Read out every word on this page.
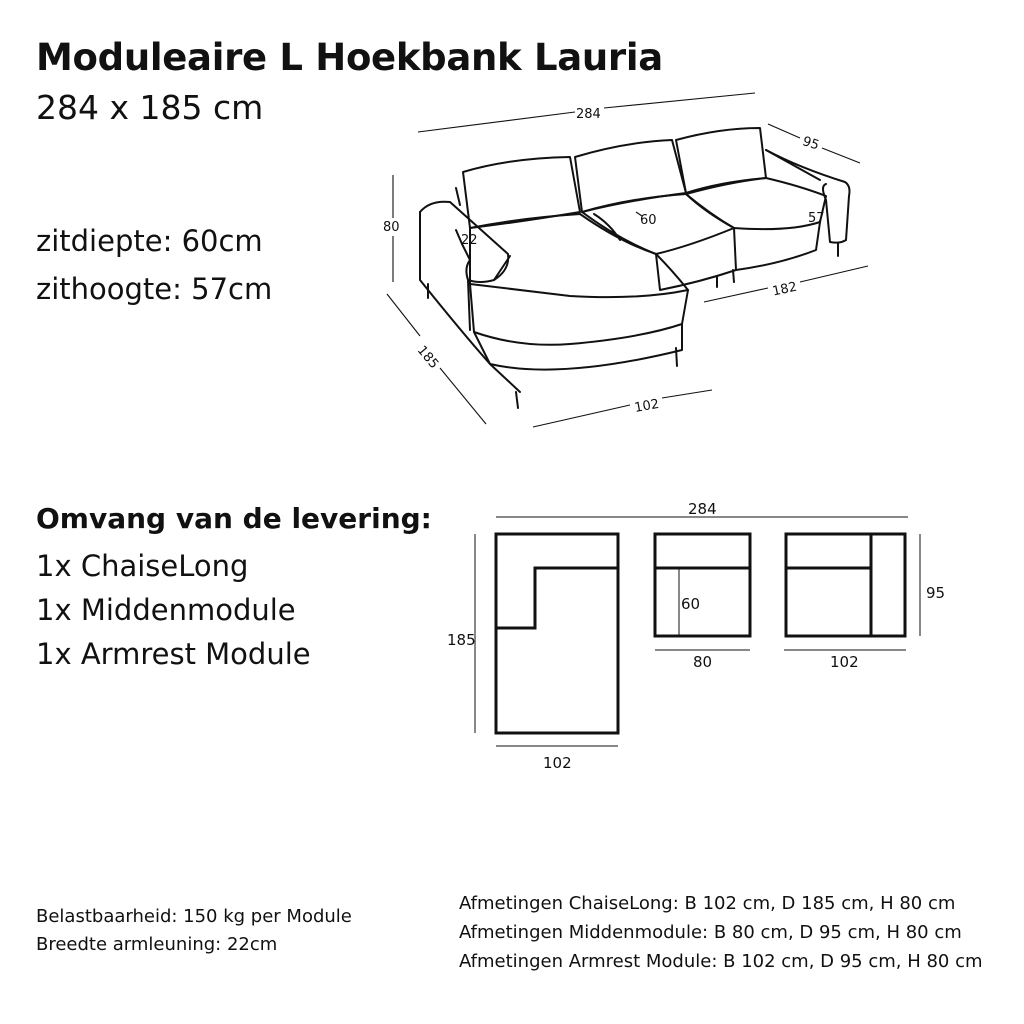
Moduleaire L Hoekbank Lauria
284 x 185 cm
zitdiepte: 60cm
zithoogte: 57cm
Omvang van de levering:
1x ChaiseLong
1x Middenmodule
1x Armrest Module
Belastbaarheid: 150 kg per Module
Breedte armleuning: 22cm
Afmetingen ChaiseLong: B 102 cm, D 185 cm, H 80 cm
Afmetingen Middenmodule: B 80 cm, D 95 cm, H 80 cm
Afmetingen Armrest Module: B 102 cm, D 95 cm, H 80 cm
284
95
80
22
60	57
182
185
102
284
185
102
60
80	102
95
